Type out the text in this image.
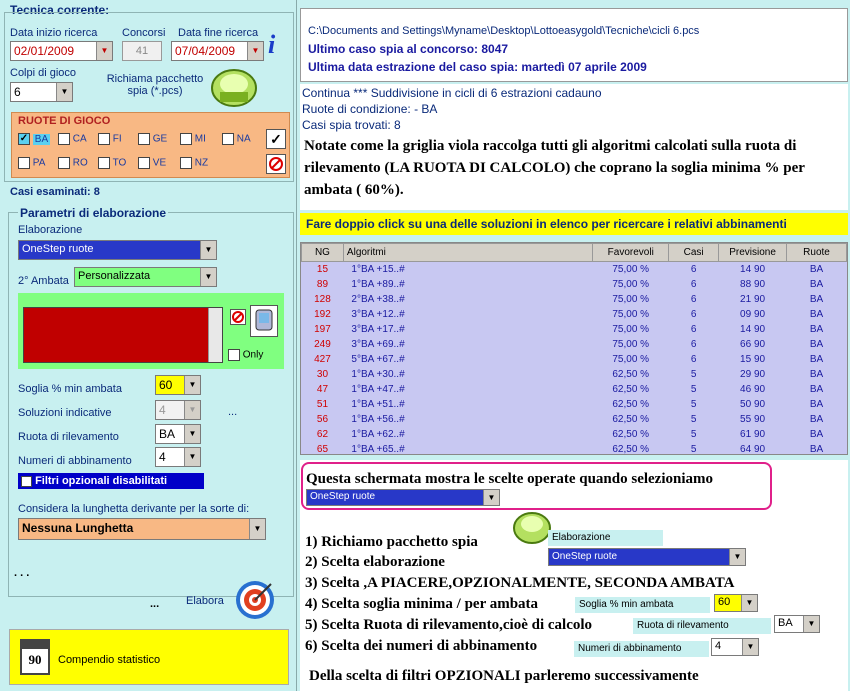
Tecnica corrente:
Data inizio ricerca
02/01/2009	▼
Concorsi
41
Data fine ricerca
07/04/2009	▼ i
Colpi di gioco
6	▼
Richiama pacchetto spia (*.pcs)
RUOTE DI GIOCO
✓ BA	CA	FI	GE	MI	NA
PA	RO	TO	VE	NZ
✓
Casi esaminati: 8
Parametri di elaborazione
Elaborazione
OneStep ruote	▼
2° Ambata Personalizzata	▼
Only
Soglia % min ambata	60	▼
Soluzioni indicative	4	▼	...
Ruota di rilevamento	BA	▼
Numeri di abbinamento	4	▼
Filtri opzionali disabilitati
Considera la lunghetta derivante per la sorte di:
Nessuna Lunghetta	▼
. . .
... Elabora
90	Compendio statistico
C:\Documents and Settings\Myname\Desktop\Lottoeasygold\Tecniche\cicli 6.pcs
Ultimo caso spia al concorso: 8047
Ultima data estrazione del caso spia: martedì 07 aprile 2009
Continua *** Suddivisione in cicli di 6 estrazioni cadauno
Ruote di condizione: - BA
Casi spia trovati: 8
Notate come la griglia viola raccolga tutti gli algoritmi calcolati sulla ruota di rilevamento (LA RUOTA DI CALCOLO) che coprano la soglia minima % per ambata ( 60%).
Fare doppio click su una delle soluzioni in elenco per ricercare i relativi abbinamenti
NG	Algoritmi	Favorevoli	Casi	Previsione	Ruote
15	1°BA +15..#	75,00 %	6	14 90	BA
89	1°BA +89..#	75,00 %	6	88 90	BA
128	2°BA +38..#	75,00 %	6	21 90	BA
192	3°BA +12..#	75,00 %	6	09 90	BA
197	3°BA +17..#	75,00 %	6	14 90	BA
249	3°BA +69..#	75,00 %	6	66 90	BA
427	5°BA +67..#	75,00 %	6	15 90	BA
30	1°BA +30..#	62,50 %	5	29 90	BA
47	1°BA +47..#	62,50 %	5	46 90	BA
51	1°BA +51..#	62,50 %	5	50 90	BA
56	1°BA +56..#	62,50 %	5	55 90	BA
62	1°BA +62..#	62,50 %	5	61 90	BA
65	1°BA +65..#	62,50 %	5	64 90	BA
Questa schermata mostra le scelte operate quando selezioniamo
OneStep ruote	▼
Elaborazione
OneStep ruote	▼
1) Richiamo pacchetto spia
2) Scelta elaborazione
3) Scelta ,A PIACERE,OPZIONALMENTE, SECONDA AMBATA
4) Scelta soglia minima / per ambata
5) Scelta Ruota di rilevamento,cioè di calcolo
6) Scelta dei numeri di abbinamento
Soglia % min ambata	60	▼
Ruota di rilevamento	BA	▼
Numeri di abbinamento	4	▼
Della scelta di filtri OPZIONALI parleremo successivamente
